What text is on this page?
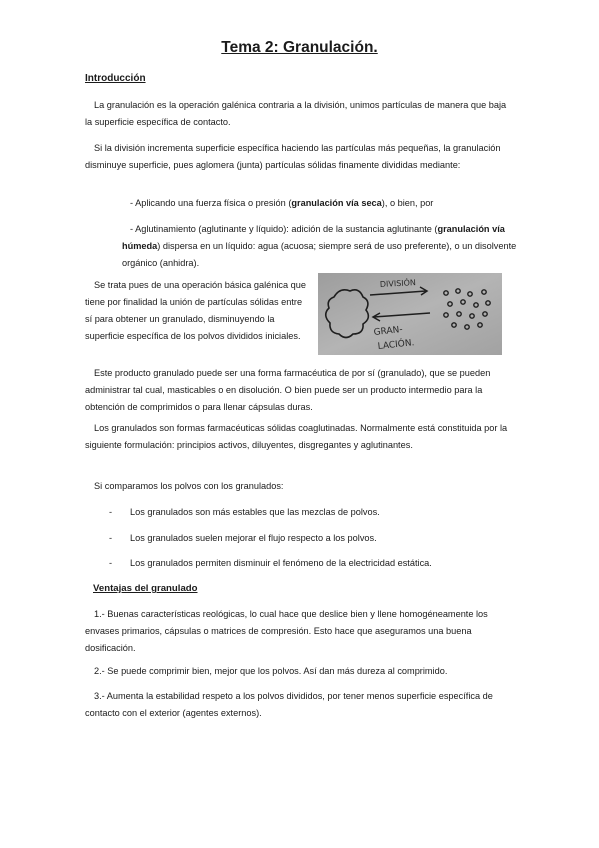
Tema 2: Granulación.
Introducción

La granulación es la operación galénica contraria a la división, unimos partículas de manera que baja la superficie específica de contacto.

Si la división incrementa superficie específica haciendo las partículas más pequeñas, la granulación disminuye superficie, pues aglomera (junta) partículas sólidas finamente divididas mediante:

- Aplicando una fuerza física o presión (granulación vía seca), o bien, por

- Aglutinamiento (aglutinante y líquido): adición de la sustancia aglutinante (granulación vía húmeda) dispersa en un líquido: agua (acuosa; siempre será de uso preferente), o un disolvente orgánico (anhidra).

Se trata pues de una operación básica galénica que tiene por finalidad la unión de partículas sólidas entre sí para obtener un granulado, disminuyendo la superficie específica de los polvos divididos iniciales.

DIVISIÓN
GRAN-
LACIÓN.

Este producto granulado puede ser una forma farmacéutica de por sí (granulado), que se pueden administrar tal cual, masticables o en disolución. O bien puede ser un producto intermedio para la obtención de comprimidos o para llenar cápsulas duras.

Los granulados son formas farmacéuticas sólidas coaglutinadas. Normalmente está constituida por la siguiente formulación: principios activos, diluyentes, disgregantes y aglutinantes.

Si comparamos los polvos con los granulados:

- Los granulados son más estables que las mezclas de polvos.
- Los granulados suelen mejorar el flujo respecto a los polvos.
- Los granulados permiten disminuir el fenómeno de la electricidad estática.
Ventajas del granulado

1.- Buenas características reológicas, lo cual hace que deslice bien y llene homogéneamente los envases primarios, cápsulas o matrices de compresión. Esto hace que aseguramos una buena dosificación.

2.- Se puede comprimir bien, mejor que los polvos. Así dan más dureza al comprimido.

3.- Aumenta la estabilidad respeto a los polvos divididos, por tener menos superficie específica de contacto con el exterior (agentes externos).
